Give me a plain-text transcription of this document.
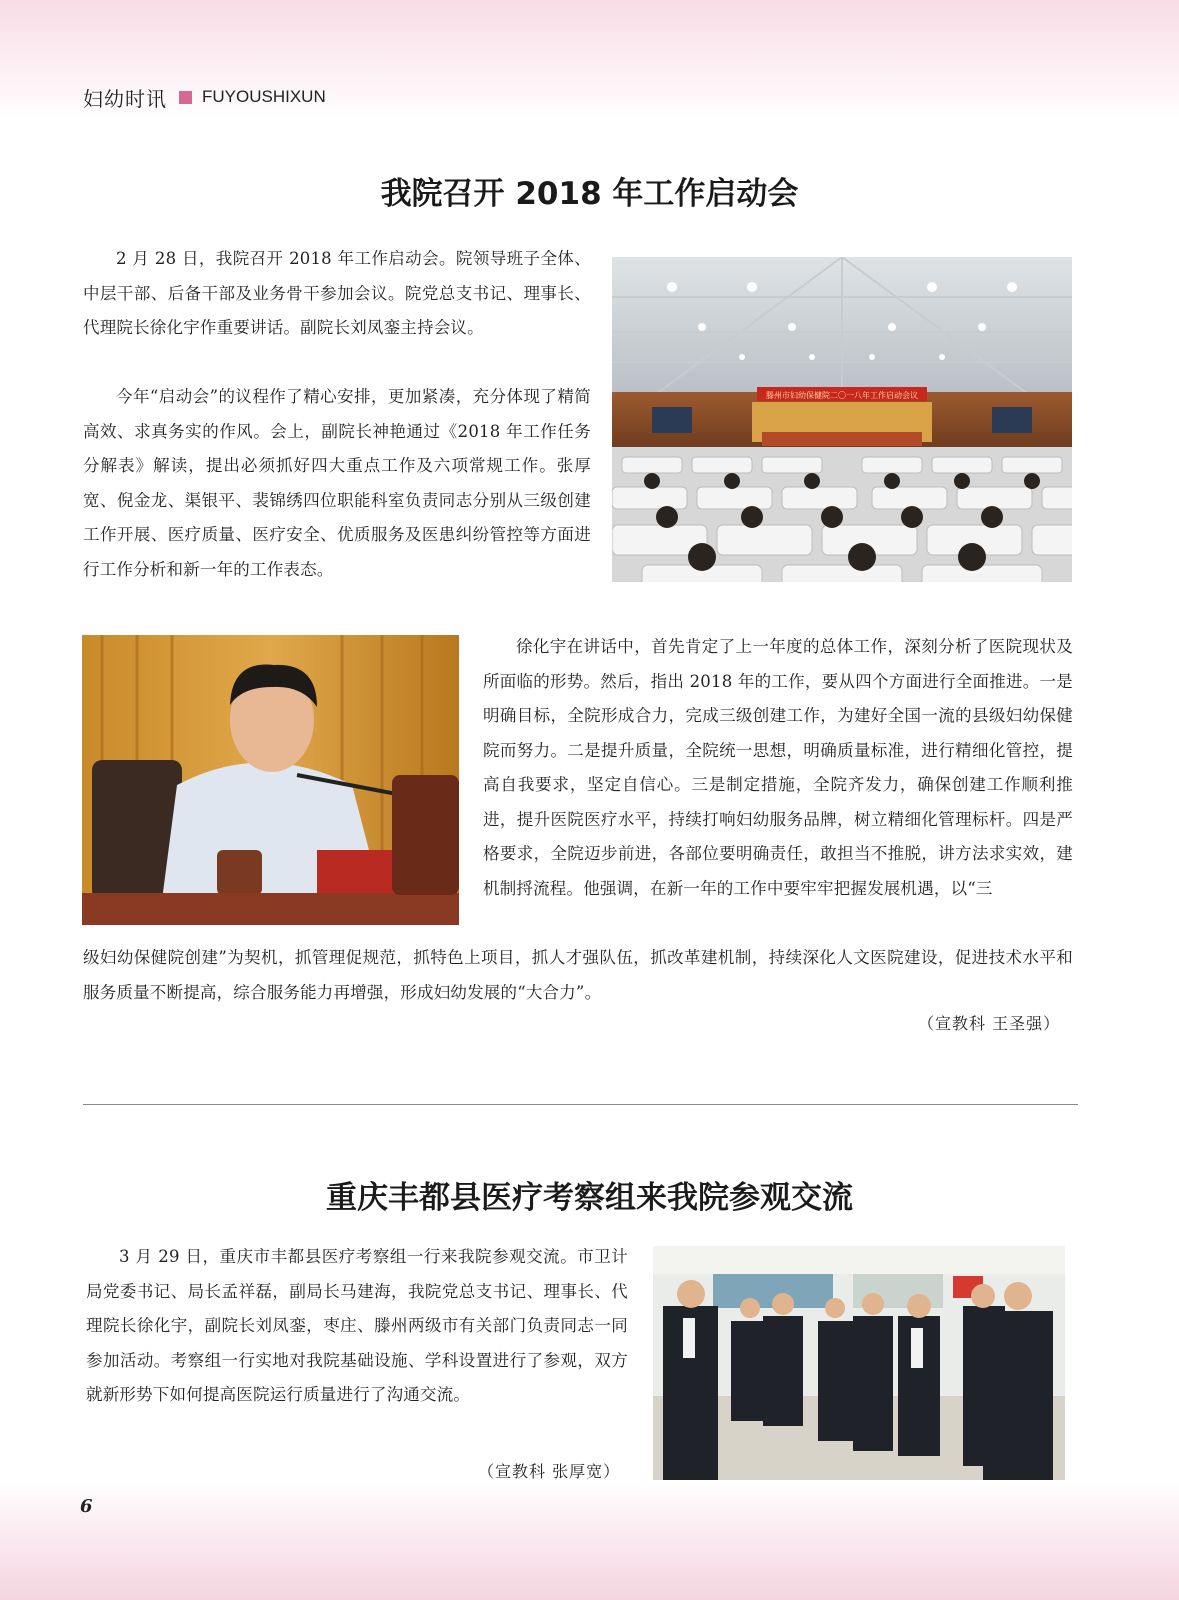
妇幼时讯 FUYOUSHIXUN
我院召开 2018 年工作启动会

2 月 28 日，我院召开 2018 年工作启动会。院领导班子全体、中层干部、后备干部及业务骨干参加会议。院党总支书记、理事长、代理院长徐化宇作重要讲话。副院长刘凤銮主持会议。

今年“启动会”的议程作了精心安排，更加紧凑，充分体现了精简高效、求真务实的作风。会上，副院长神艳通过《2018 年工作任务分解表》解读，提出必须抓好四大重点工作及六项常规工作。张厚宽、倪金龙、渠银平、裴锦绣四位职能科室负责同志分别从三级创建工作开展、医疗质量、医疗安全、优质服务及医患纠纷管控等方面进行工作分析和新一年的工作表态。

滕州市妇幼保健院二〇一八年工作启动会议

徐化宇在讲话中，首先肯定了上一年度的总体工作，深刻分析了医院现状及所面临的形势。然后，指出 2018 年的工作，要从四个方面进行全面推进。一是明确目标，全院形成合力，完成三级创建工作，为建好全国一流的县级妇幼保健院而努力。二是提升质量，全院统一思想，明确质量标准，进行精细化管控，提高自我要求，坚定自信心。三是制定措施，全院齐发力，确保创建工作顺利推进，提升医院医疗水平，持续打响妇幼服务品牌，树立精细化管理标杆。四是严格要求，全院迈步前进，各部位要明确责任，敢担当不推脱，讲方法求实效，建机制捋流程。他强调，在新一年的工作中要牢牢把握发展机遇，以“三

级妇幼保健院创建”为契机，抓管理促规范，抓特色上项目，抓人才强队伍，抓改革建机制，持续深化人文医院建设，促进技术水平和服务质量不断提高，综合服务能力再增强，形成妇幼发展的“大合力”。

（宣教科 王圣强）
重庆丰都县医疗考察组来我院参观交流

3 月 29 日，重庆市丰都县医疗考察组一行来我院参观交流。市卫计局党委书记、局长孟祥磊，副局长马建海，我院党总支书记、理事长、代理院长徐化宇，副院长刘凤銮，枣庄、滕州两级市有关部门负责同志一同参加活动。考察组一行实地对我院基础设施、学科设置进行了参观，双方就新形势下如何提高医院运行质量进行了沟通交流。

（宣教科 张厚宽）
6
